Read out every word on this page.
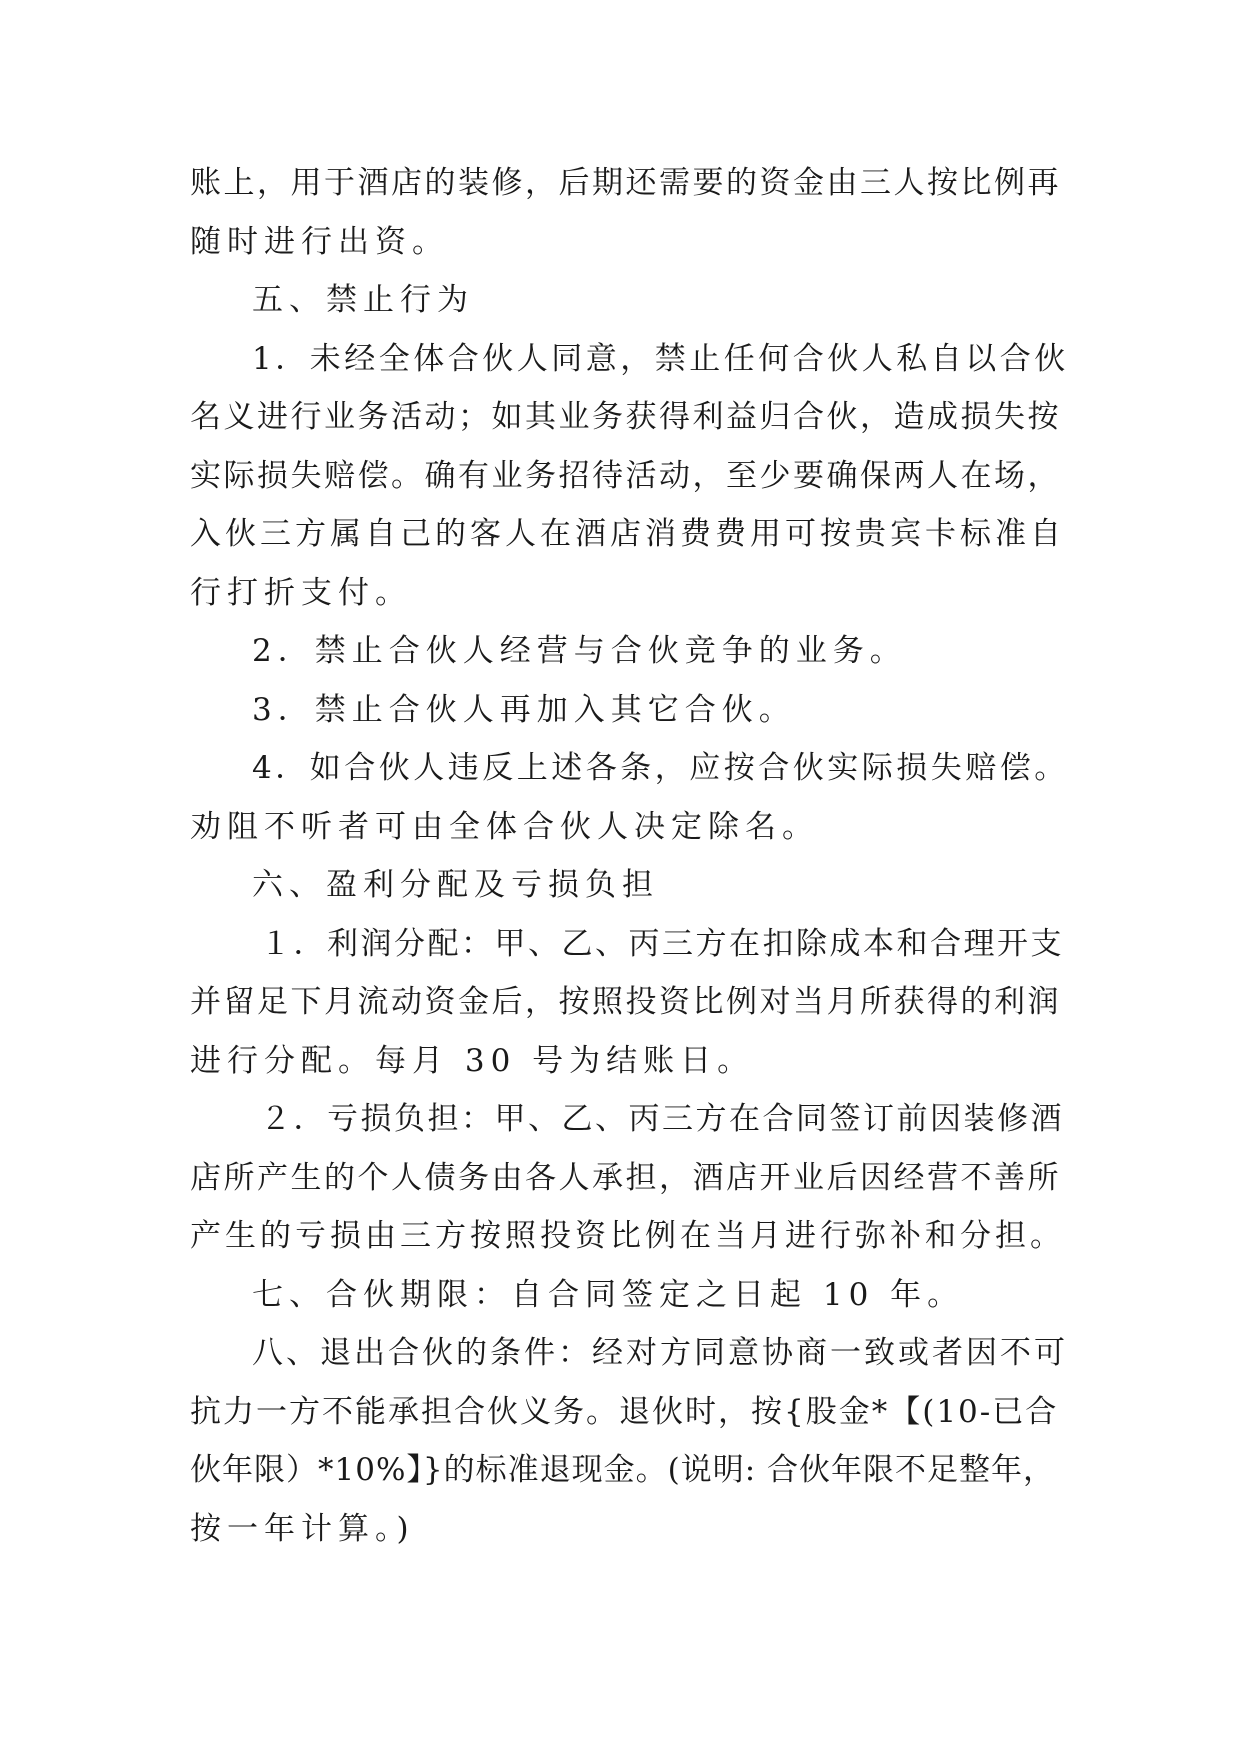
账上，用于酒店的装修，后期还需要的资金由三人按比例再

随时进行出资。

五、禁止行为

1．未经全体合伙人同意，禁止任何合伙人私自以合伙

名义进行业务活动；如其业务获得利益归合伙，造成损失按

实际损失赔偿。确有业务招待活动，至少要确保两人在场，

入伙三方属自己的客人在酒店消费费用可按贵宾卡标准自

行打折支付。

2．禁止合伙人经营与合伙竞争的业务。

3．禁止合伙人再加入其它合伙。

4．如合伙人违反上述各条，应按合伙实际损失赔偿。

劝阻不听者可由全体合伙人决定除名。

六、盈利分配及亏损负担

１．利润分配：甲、乙、丙三方在扣除成本和合理开支

并留足下月流动资金后，按照投资比例对当月所获得的利润

进行分配。每月 30 号为结账日。

２．亏损负担：甲、乙、丙三方在合同签订前因装修酒

店所产生的个人债务由各人承担，酒店开业后因经营不善所

产生的亏损由三方按照投资比例在当月进行弥补和分担。

七、合伙期限：自合同签定之日起 10 年。

八、退出合伙的条件：经对方同意协商一致或者因不可

抗力一方不能承担合伙义务。退伙时，按{股金*【(10-已合

伙年限）*10%】}的标准退现金。(说明: 合伙年限不足整年，

按一年计算。)
